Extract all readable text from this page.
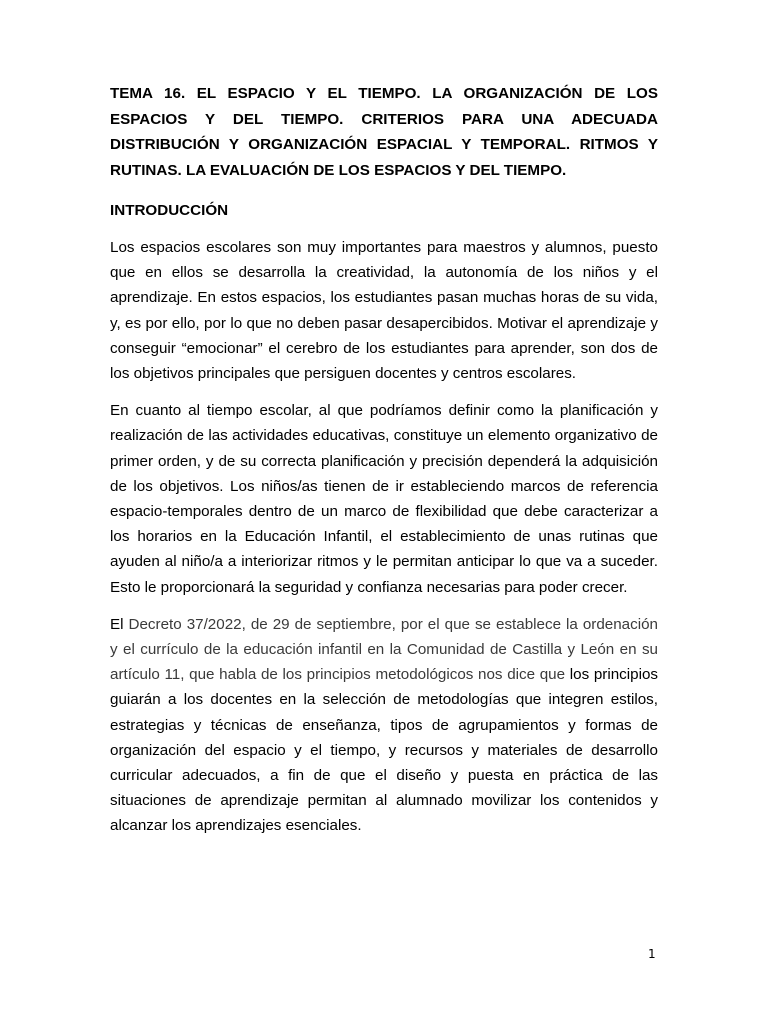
TEMA 16. EL ESPACIO Y EL TIEMPO. LA ORGANIZACIÓN DE LOS ESPACIOS Y DEL TIEMPO. CRITERIOS PARA UNA ADECUADA DISTRIBUCIÓN Y ORGANIZACIÓN ESPACIAL Y TEMPORAL. RITMOS Y RUTINAS. LA EVALUACIÓN DE LOS ESPACIOS Y DEL TIEMPO.

INTRODUCCIÓN

Los espacios escolares son muy importantes para maestros y alumnos, puesto que en ellos se desarrolla la creatividad, la autonomía de los niños y el aprendizaje. En estos espacios, los estudiantes pasan muchas horas de su vida, y, es por ello, por lo que no deben pasar desapercibidos. Motivar el aprendizaje y conseguir “emocionar” el cerebro de los estudiantes para aprender, son dos de los objetivos principales que persiguen docentes y centros escolares.

En cuanto al tiempo escolar, al que podríamos definir como la planificación y realización de las actividades educativas, constituye un elemento organizativo de primer orden, y de su correcta planificación y precisión dependerá la adquisición de los objetivos. Los niños/as tienen de ir estableciendo marcos de referencia espacio-temporales dentro de un marco de flexibilidad que debe caracterizar a los horarios en la Educación Infantil, el establecimiento de unas rutinas que ayuden al niño/a a interiorizar ritmos y le permitan anticipar lo que va a suceder. Esto le proporcionará la seguridad y confianza necesarias para poder crecer.

El Decreto 37/2022, de 29 de septiembre, por el que se establece la ordenación y el currículo de la educación infantil en la Comunidad de Castilla y León en su artículo 11, que habla de los principios metodológicos nos dice que los principios guiarán a los docentes en la selección de metodologías que integren estilos, estrategias y técnicas de enseñanza, tipos de agrupamientos y formas de organización del espacio y el tiempo, y recursos y materiales de desarrollo curricular adecuados, a fin de que el diseño y puesta en práctica de las situaciones de aprendizaje permitan al alumnado movilizar los contenidos y alcanzar los aprendizajes esenciales.

1
